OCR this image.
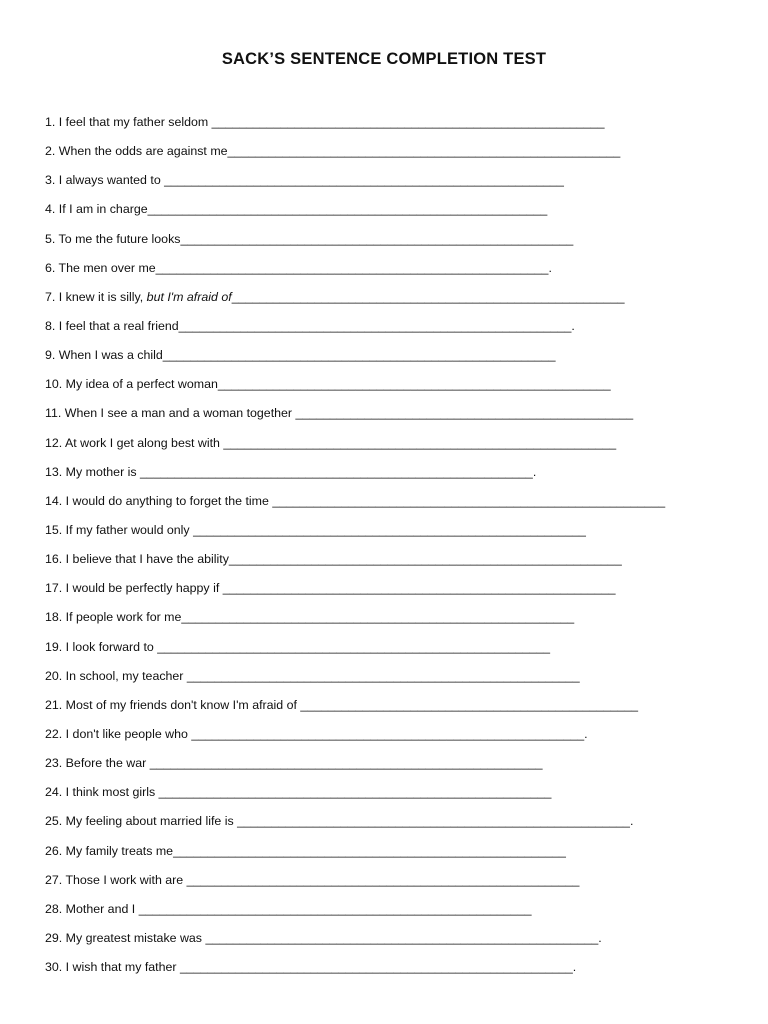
SACK’S SENTENCE COMPLETION TEST
1. I feel that my father seldom _________________________________________________________
2. When the odds are against me_________________________________________________________
3. I always wanted to __________________________________________________________
4. If I am in charge__________________________________________________________
5. To me the future looks_________________________________________________________
6. The men over me_________________________________________________________.
7. I knew it is silly, but I'm afraid of_________________________________________________________
8. I feel that a real friend_________________________________________________________.
9. When I was a child_________________________________________________________
10. My idea of a perfect woman_________________________________________________________
11. When I see a man and a woman together _________________________________________________
12. At work I get along best with _________________________________________________________
13. My mother is _________________________________________________________.
14. I would do anything to forget the time _________________________________________________________
15. If my father would only _________________________________________________________
16. I believe that I have the ability_________________________________________________________
17. I would be perfectly happy if _________________________________________________________
18. If people work for me_________________________________________________________
19. I look forward to _________________________________________________________
20. In school, my teacher _________________________________________________________
21. Most of my friends don't know I'm afraid of _________________________________________________
22. I don't like people who _________________________________________________________.
23. Before the war _________________________________________________________
24. I think most girls _________________________________________________________
25. My feeling about married life is _________________________________________________________.
26. My family treats me_________________________________________________________
27. Those I work with are _________________________________________________________
28. Mother and I _________________________________________________________
29. My greatest mistake was _________________________________________________________.
30. I wish that my father _________________________________________________________.
